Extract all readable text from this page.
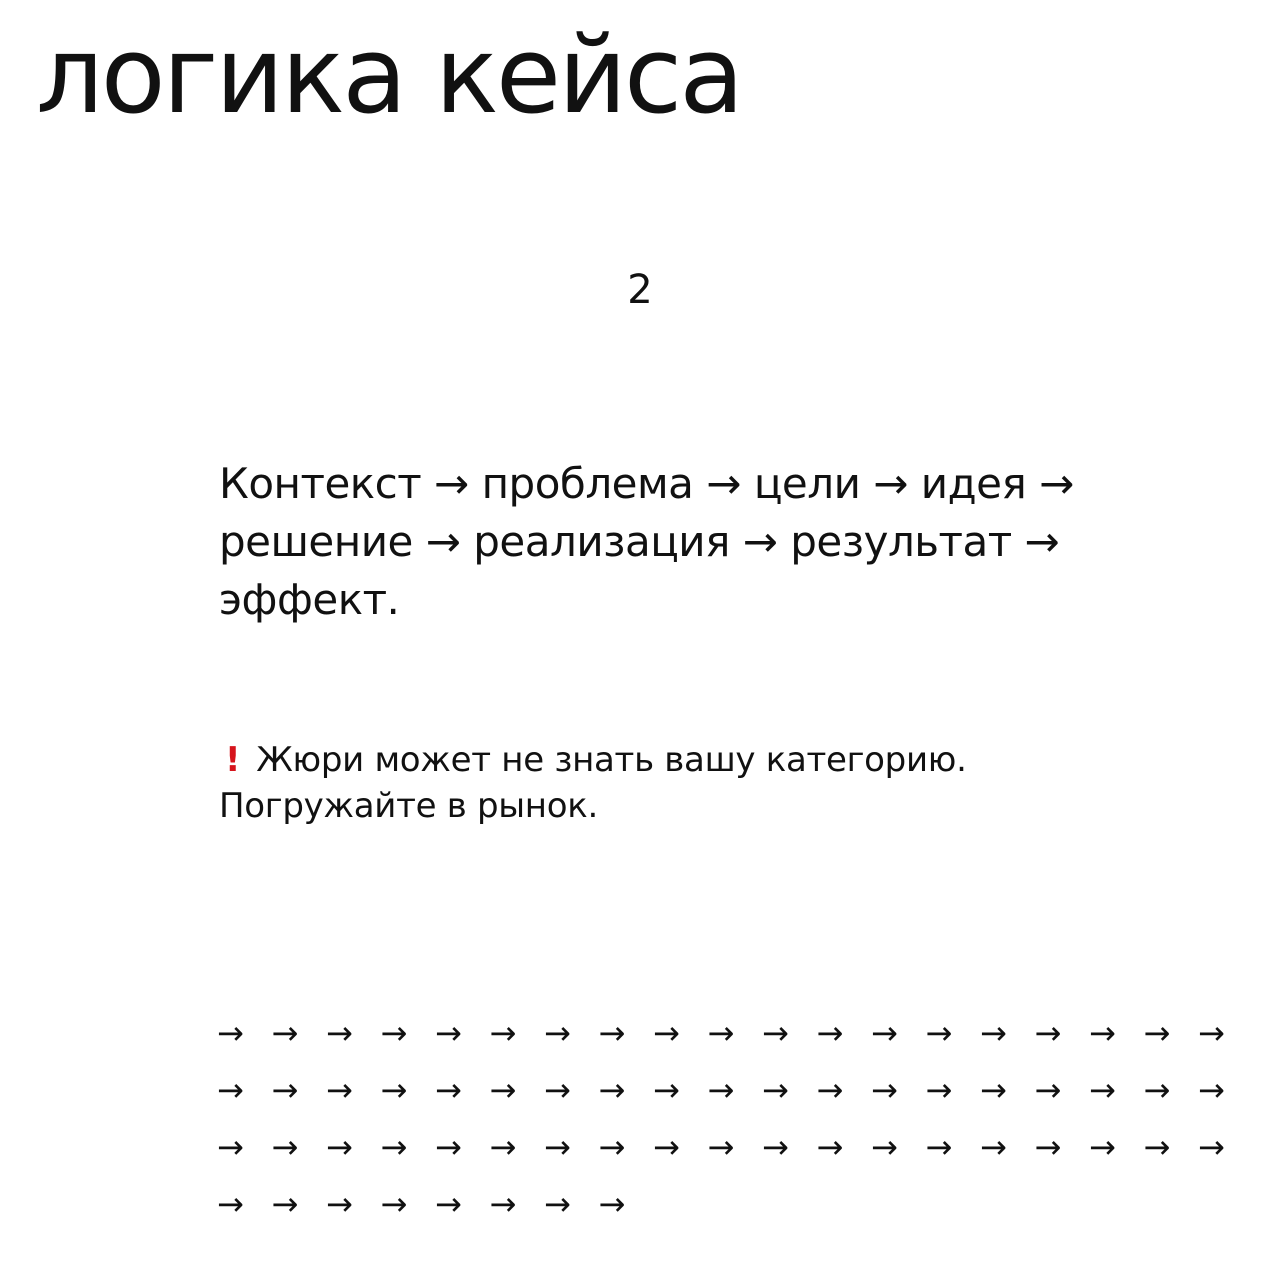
логика кейса
2

Контекст → проблема → цели → идея → решение → реализация → результат → эффект.

! Жюри может не знать вашу категорию.
Погружайте в рынок.
→ → → → → → → → → → → → → → → → → → →
→ → → → → → → → → → → → → → → → → → →
→ → → → → → → → → → → → → → → → → → →
→ → → → → → → →
